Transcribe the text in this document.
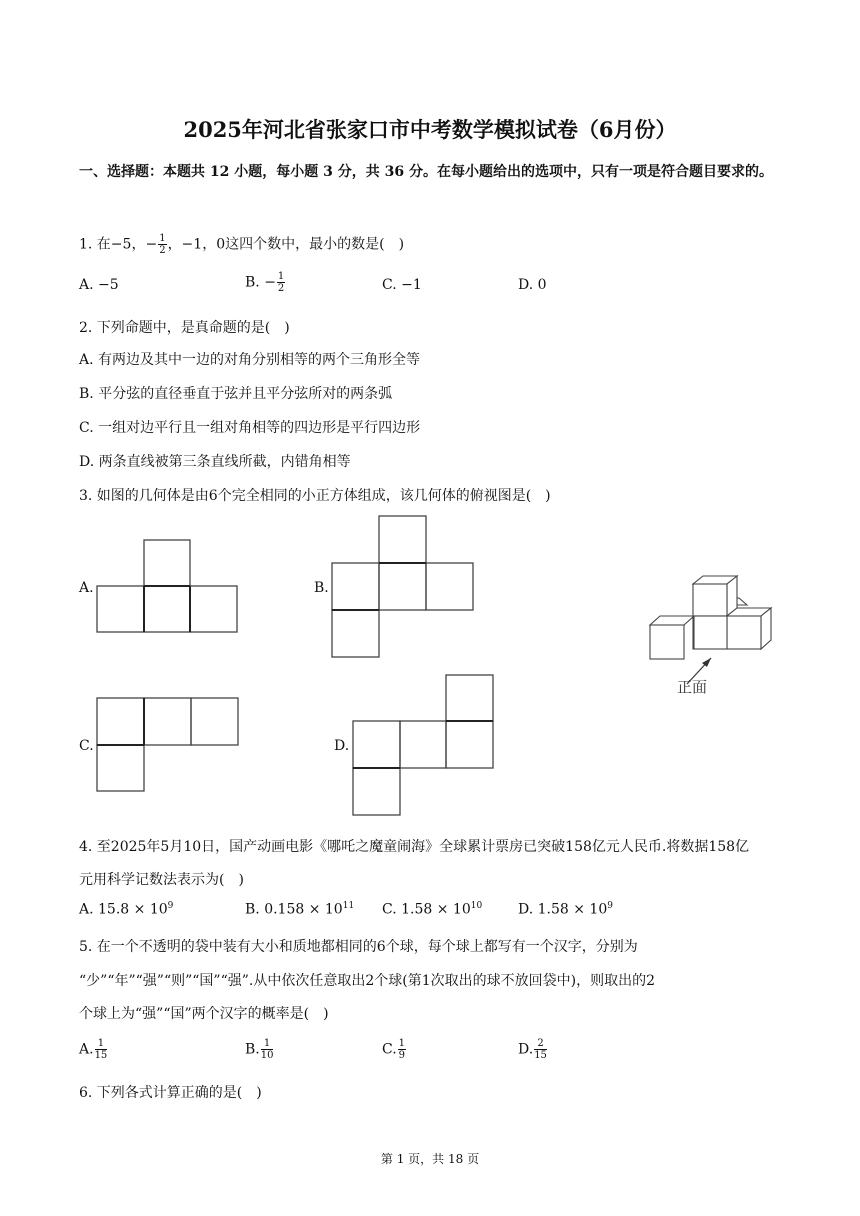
2025年河北省张家口市中考数学模拟试卷（6月份）
一、选择题：本题共 12 小题，每小题 3 分，共 36 分。在每小题给出的选项中，只有一项是符合题目要求的。
1. 在−5，− $\frac{1}{2}$ ，−1，0这四个数中，最小的数是(　)
A. −5	B. − $\frac{1}{2}$	C. −1	D. 0
2. 下列命题中，是真命题的是(　)
A. 有两边及其中一边的对角分别相等的两个三角形全等
B. 平分弦的直径垂直于弦并且平分弦所对的两条弧
C. 一组对边平行且一组对角相等的四边形是平行四边形
D. 两条直线被第三条直线所截，内错角相等
3. 如图的几何体是由6个完全相同的小正方体组成，该几何体的俯视图是(　)
A.	B.
正面
C.	D.
4. 至2025年5月10日，国产动画电影《哪吒之魔童闹海》全球累计票房已突破158亿元人民币.将数据158亿
元用科学记数法表示为(　)
A. $15.8 \times 10^9$	B. $0.158 \times 10^{11}$ C. $1.58 \times 10^{10}$	D. $1.58 \times 10^9$
5. 在一个不透明的袋中装有大小和质地都相同的6个球，每个球上都写有一个汉字，分别为
“少”“年”“强”“则”“国”“强”.从中依次任意取出2个球(第1次取出的球不放回袋中)，则取出的2
个球上为“强”“国”两个汉字的概率是(　)
A. $\frac{1}{15}$	B. $\frac{1}{10}$	C. $\frac{1}{9}$	D. $\frac{2}{15}$
6. 下列各式计算正确的是(　)
第 1 页，共 18 页
